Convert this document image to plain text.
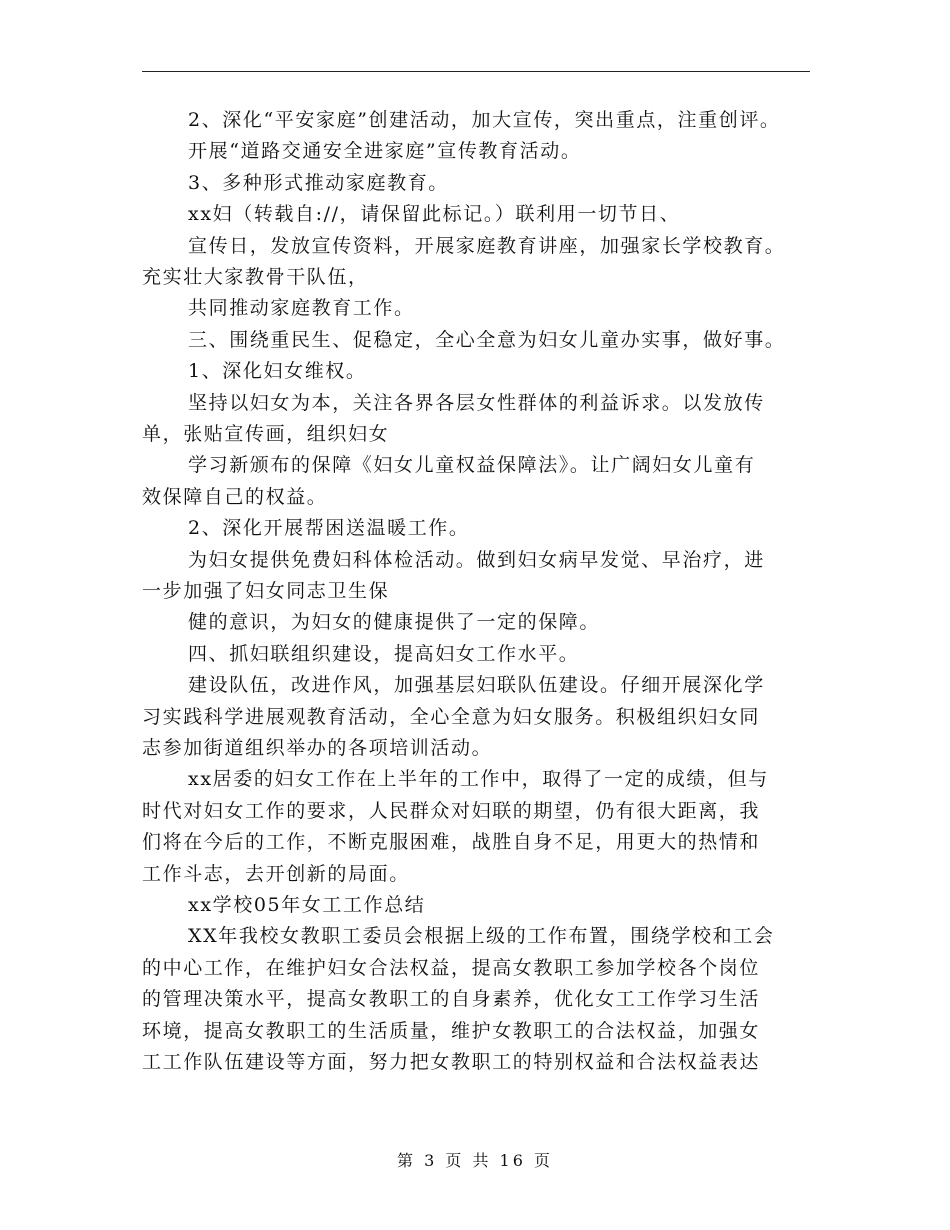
2、深化“平安家庭”创建活动，加大宣传，突出重点，注重创评。
开展“道路交通安全进家庭”宣传教育活动。
3、多种形式推动家庭教育。
xx妇（转载自://，请保留此标记。）联利用一切节日、
宣传日，发放宣传资料，开展家庭教育讲座，加强家长学校教育。
充实壮大家教骨干队伍，
共同推动家庭教育工作。
三、围绕重民生、促稳定，全心全意为妇女儿童办实事，做好事。
1、深化妇女维权。
坚持以妇女为本，关注各界各层女性群体的利益诉求。以发放传
单，张贴宣传画，组织妇女
学习新颁布的保障《妇女儿童权益保障法》。让广阔妇女儿童有
效保障自己的权益。
2、深化开展帮困送温暖工作。
为妇女提供免费妇科体检活动。做到妇女病早发觉、早治疗，进
一步加强了妇女同志卫生保
健的意识，为妇女的健康提供了一定的保障。
四、抓妇联组织建设，提高妇女工作水平。
建设队伍，改进作风，加强基层妇联队伍建设。仔细开展深化学
习实践科学进展观教育活动，全心全意为妇女服务。积极组织妇女同
志参加街道组织举办的各项培训活动。
xx居委的妇女工作在上半年的工作中，取得了一定的成绩，但与
时代对妇女工作的要求，人民群众对妇联的期望，仍有很大距离，我
们将在今后的工作，不断克服困难，战胜自身不足，用更大的热情和
工作斗志，去开创新的局面。
xx学校05年女工工作总结
XX年我校女教职工委员会根据上级的工作布置，围绕学校和工会
的中心工作，在维护妇女合法权益，提高女教职工参加学校各个岗位
的管理决策水平，提高女教职工的自身素养，优化女工工作学习生活
环境，提高女教职工的生活质量，维护女教职工的合法权益，加强女
工工作队伍建设等方面，努力把女教职工的特别权益和合法权益表达
第 3 页 共 16 页
